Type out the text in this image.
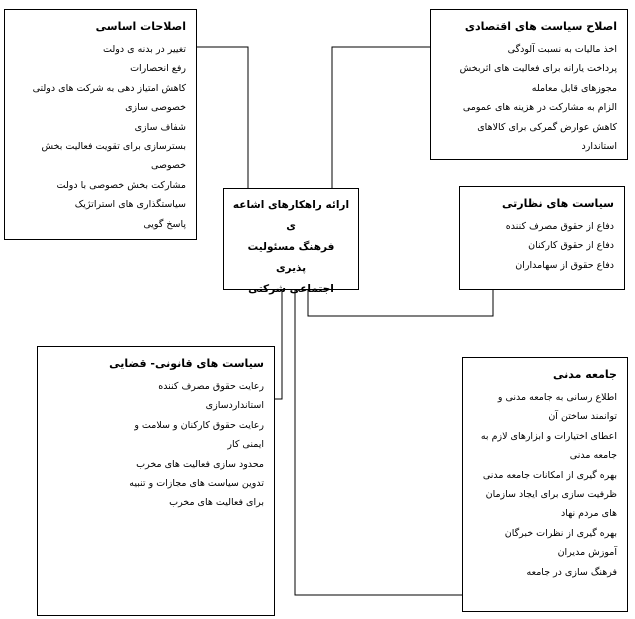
اصلاحات اساسی
تغییر در بدنه ی دولت
رفع انحصارات
کاهش امتیاز دهی به شرکت های دولتی
خصوصی سازی
شفاف سازی
بسترسازی برای تقویت فعالیت بخش
خصوصی
مشارکت بخش خصوصی با دولت
سیاستگذاری های استراتژیک
پاسخ گویی
اصلاح سیاست های اقتصادی
اخذ مالیات به نسبت آلودگی
پرداخت یارانه برای فعالیت های اثربخش
مجوزهای قابل معامله
الزام به مشارکت در هزینه های عمومی
کاهش عوارض گمرکی برای کالاهای
استاندارد
ارائه راهکارهای اشاعه ی
فرهنگ مسئولیت پذیری
اجتماعی شرکتی
سیاست های نظارتی
دفاع از حقوق مصرف کننده
دفاع از حقوق کارکنان
دفاع حقوق از سهامداران
سیاست های قانونی- قضایی
رعایت حقوق مصرف کننده
استانداردسازی
رعایت حقوق کارکنان و سلامت و
ایمنی کار
محدود سازی فعالیت های مخرب
تدوین سیاست های مجازات و تنبیه
برای فعالیت های مخرب
جامعه مدنی
اطلاع رسانی به جامعه مدنی و
توانمند ساختن آن
اعطای اختیارات و ابزارهای لازم به
جامعه مدنی
بهره گیری از امکانات جامعه مدنی
ظرفیت سازی برای ایجاد سازمان
های مردم نهاد
بهره گیری از نظرات خبرگان
آموزش مدیران
فرهنگ سازی در جامعه
